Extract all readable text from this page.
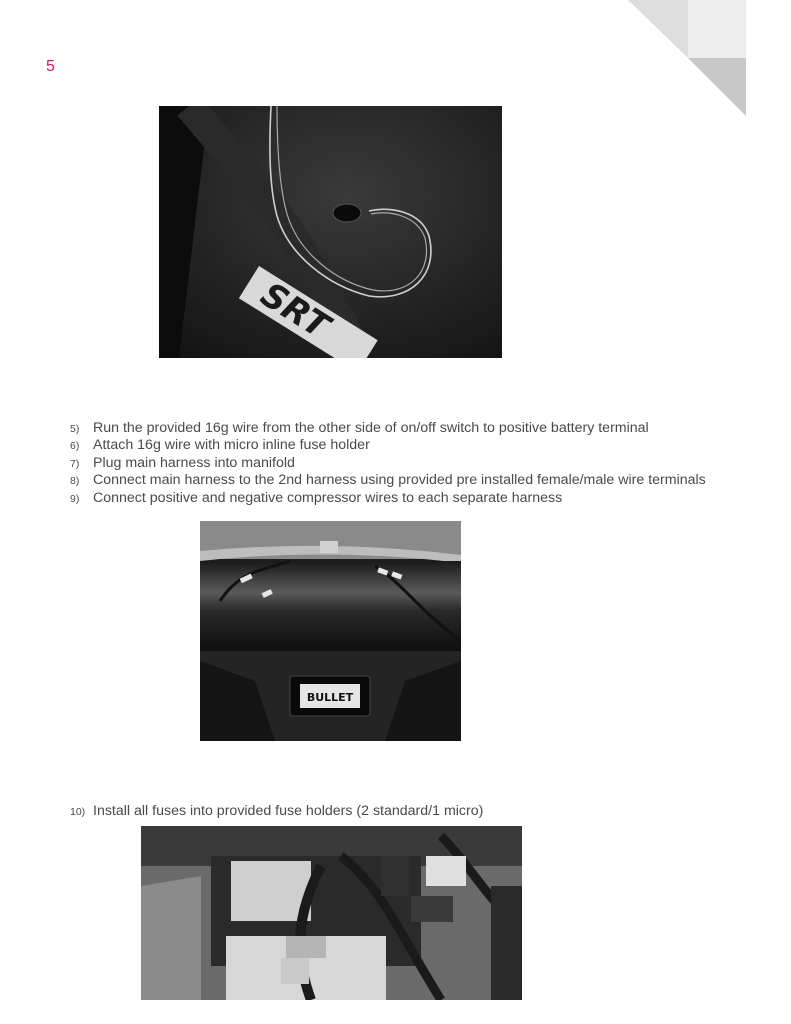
5
SRT
5) Run the provided 16g wire from the other side of on/off switch to positive battery terminal
6) Attach 16g wire with micro inline fuse holder
7) Plug main harness into manifold
8) Connect main harness to the 2nd harness using provided pre installed female/male wire terminals
9) Connect positive and negative compressor wires to each separate harness
BULLET
10) Install all fuses into provided fuse holders (2 standard/1 micro)
